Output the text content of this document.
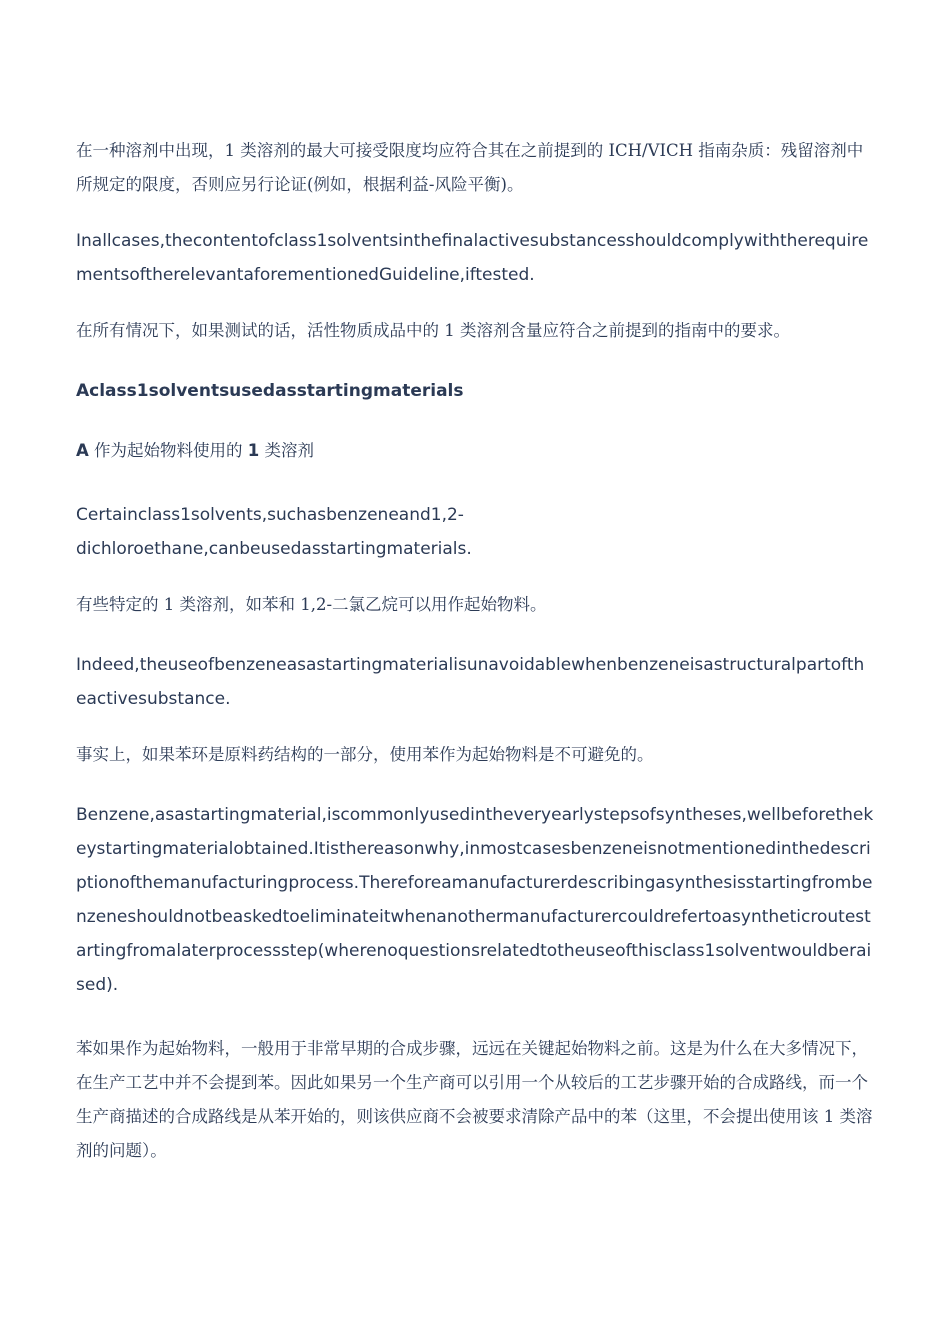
在一种溶剂中出现，1 类溶剂的最大可接受限度均应符合其在之前提到的 ICH/VICH 指南杂质：残留溶剂中所规定的限度，否则应另行论证(例如，根据利益-风险平衡)。

Inallcases,thecontentofclass1solventsinthefinalactivesubstancesshouldcomplywiththerequirementsoftherelevantaforementionedGuideline,iftested.

在所有情况下，如果测试的话，活性物质成品中的 1 类溶剂含量应符合之前提到的指南中的要求。

Aclass1solventsusedasstartingmaterials

A 作为起始物料使用的 1 类溶剂

Certainclass1solvents,suchasbenzeneand1,2-
dichloroethane,canbeusedasstartingmaterials.

有些特定的 1 类溶剂，如苯和 1,2-二氯乙烷可以用作起始物料。

Indeed,theuseofbenzeneasastartingmaterialisunavoidablewhenbenzeneisastructuralpartoftheactivesubstance.

事实上，如果苯环是原料药结构的一部分，使用苯作为起始物料是不可避免的。

Benzene,asastartingmaterial,iscommonlyusedintheveryearlystepsofsyntheses,wellbeforethekeystartingmaterialobtained.Itisthereasonwhy,inmostcasesbenzeneisnotmentionedinthedescriptionofthemanufacturingprocess.Thereforeamanufacturerdescribingasynthesisstartingfrombenzeneshouldnotbeaskedtoeliminateitwhenanothermanufacturercouldrefertoasyntheticroutestartingfromalaterprocessstep(wherenoquestionsrelatedtotheuseofthisclass1solventwouldberaised).

苯如果作为起始物料，一般用于非常早期的合成步骤，远远在关键起始物料之前。这是为什么在大多情况下，在生产工艺中并不会提到苯。因此如果另一个生产商可以引用一个从较后的工艺步骤开始的合成路线，而一个生产商描述的合成路线是从苯开始的，则该供应商不会被要求清除产品中的苯（这里，不会提出使用该 1 类溶剂的问题）。
